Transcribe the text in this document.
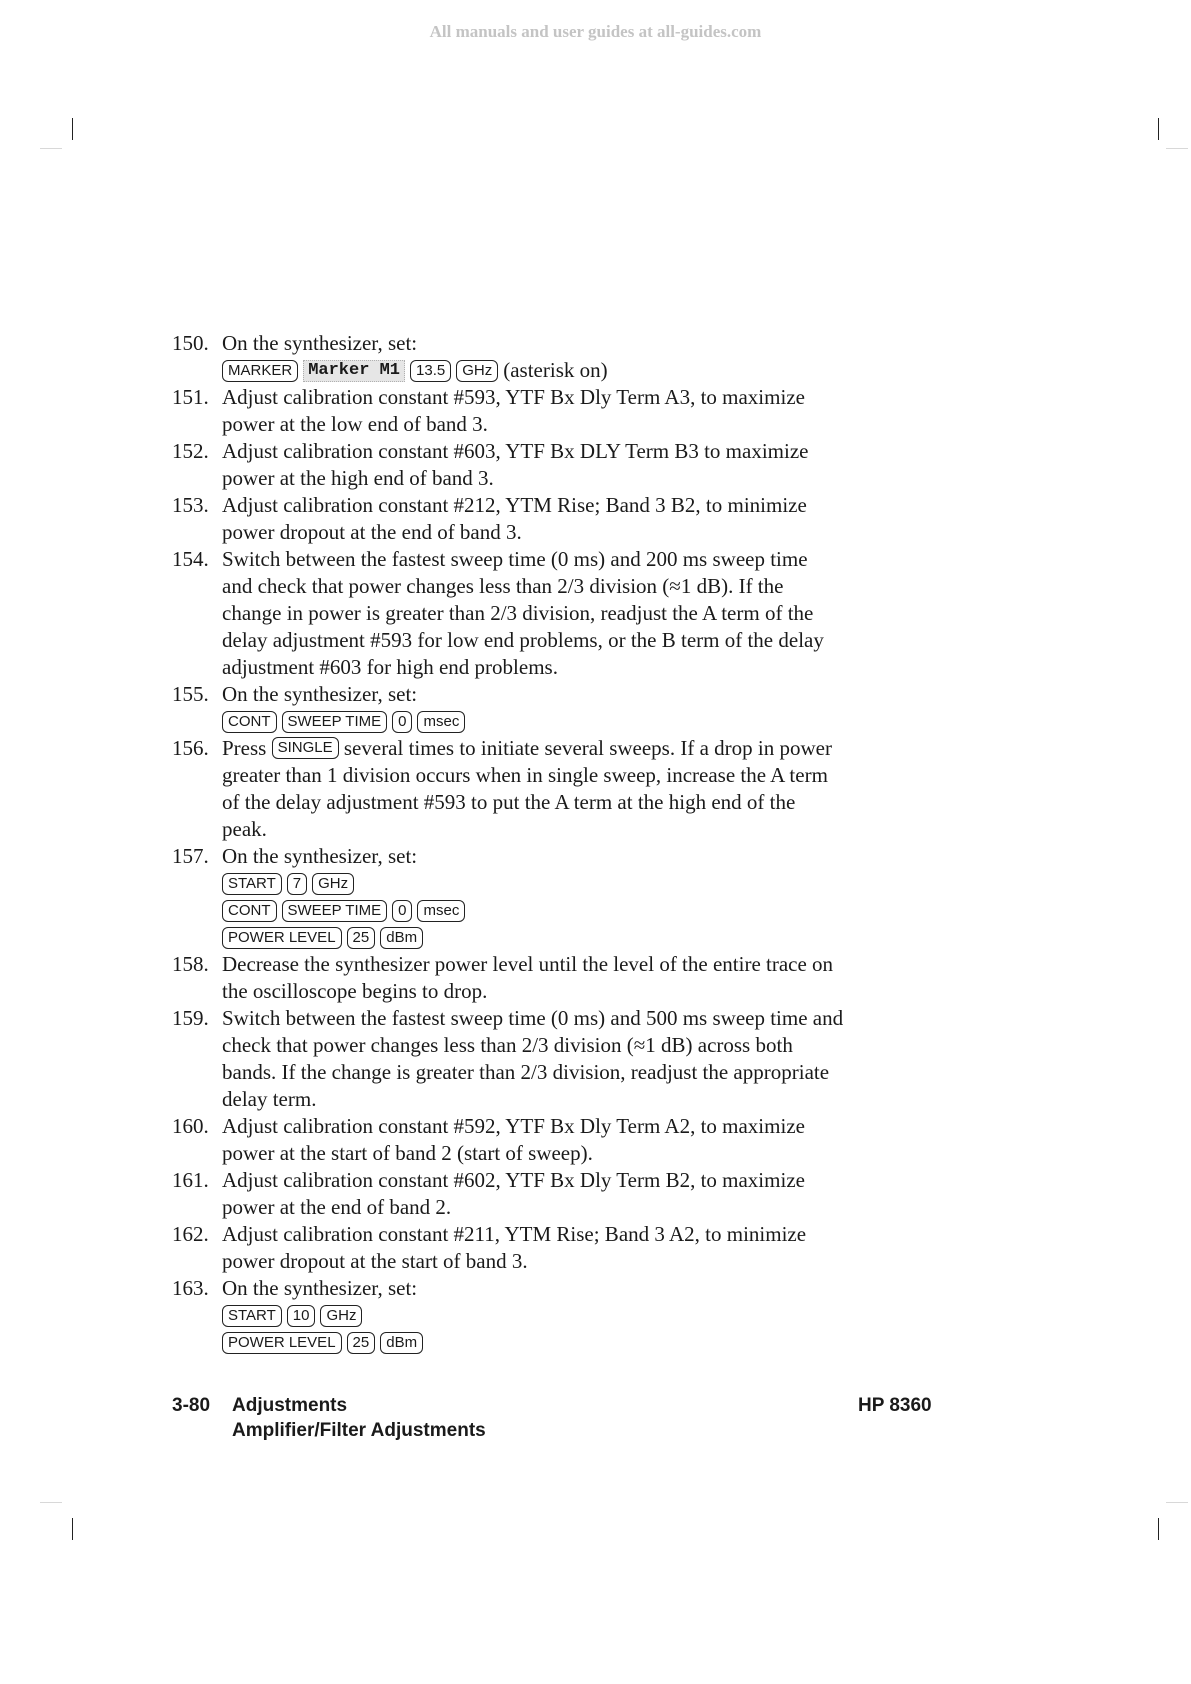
All manuals and user guides at all-guides.com
150. On the synthesizer, set:
MARKER Marker M1	13.5	GHz (asterisk on)
151. Adjust calibration constant #593, YTF Bx Dly Term A3, to maximize
power at the low end of band 3.
152. Adjust calibration constant #603, YTF Bx DLY Term B3 to maximize
power at the high end of band 3.
153. Adjust calibration constant #212, YTM Rise; Band 3 B2, to minimize
power dropout at the end of band 3.
154. Switch between the fastest sweep time (0 ms) and 200 ms sweep time
and check that power changes less than 2/3 division (≈1 dB). If the
change in power is greater than 2/3 division, readjust the A term of the
delay adjustment #593 for low end problems, or the B term of the delay
adjustment #603 for high end problems.
155. On the synthesizer, set:
CONT	SWEEP TIME	0	msec
156. Press SINGLE several times to initiate several sweeps. If a drop in power
greater than 1 division occurs when in single sweep, increase the A term
of the delay adjustment #593 to put the A term at the high end of the
peak.
157. On the synthesizer, set:
START	7	GHz
CONT	SWEEP TIME	0	msec
POWER LEVEL	25	dBm
158. Decrease the synthesizer power level until the level of the entire trace on
the oscilloscope begins to drop.
159. Switch between the fastest sweep time (0 ms) and 500 ms sweep time and
check that power changes less than 2/3 division (≈1 dB) across both
bands. If the change is greater than 2/3 division, readjust the appropriate
delay term.
160. Adjust calibration constant #592, YTF Bx Dly Term A2, to maximize
power at the start of band 2 (start of sweep).
161. Adjust calibration constant #602, YTF Bx Dly Term B2, to maximize
power at the end of band 2.
162. Adjust calibration constant #211, YTM Rise; Band 3 A2, to minimize
power dropout at the start of band 3.
163. On the synthesizer, set:
START	10	GHz
POWER LEVEL	25	dBm
3-80 Adjustments
Amplifier/Filter Adjustments
HP 8360
